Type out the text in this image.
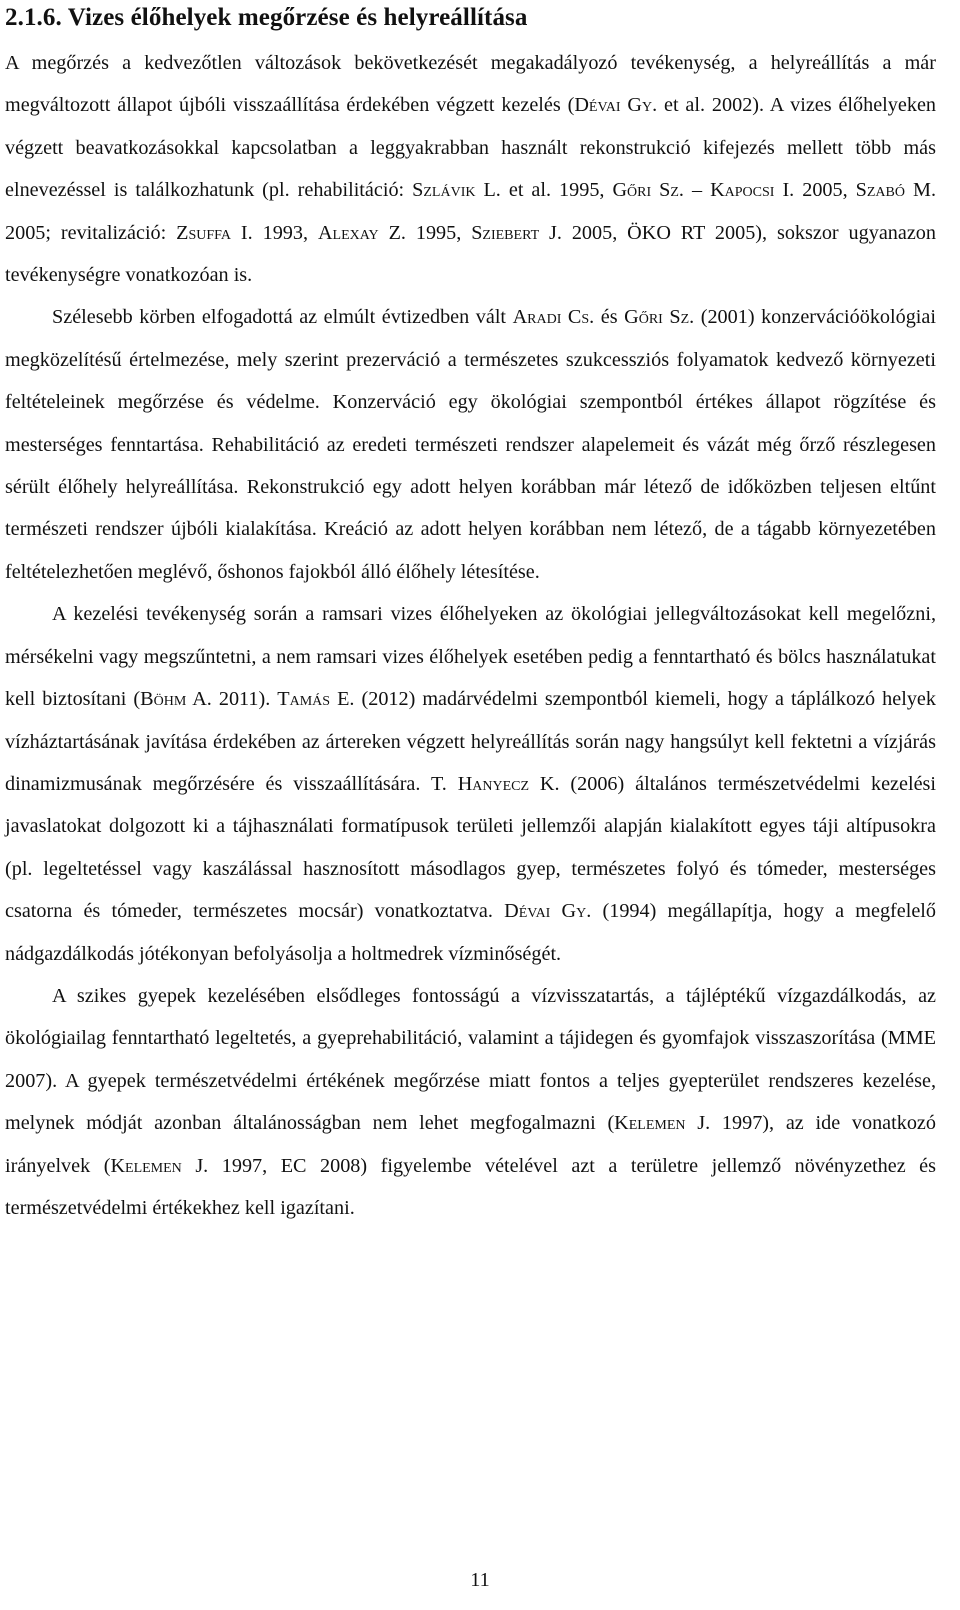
2.1.6. Vizes élőhelyek megőrzése és helyreállítása

A megőrzés a kedvezőtlen változások bekövetkezését megakadályozó tevékenység, a helyreállítás a már megváltozott állapot újbóli visszaállítása érdekében végzett kezelés (Dévai Gy. et al. 2002). A vizes élőhelyeken végzett beavatkozásokkal kapcsolatban a leggyakrabban használt rekonstrukció kifejezés mellett több más elnevezéssel is találkozhatunk (pl. rehabilitáció: Szlávik L. et al. 1995, Gőri Sz. – Kapocsi I. 2005, Szabó M. 2005; revitalizáció: Zsuffa I. 1993, Alexay Z. 1995, Sziebert J. 2005, ÖKO RT 2005), sokszor ugyanazon tevékenységre vonatkozóan is.

Szélesebb körben elfogadottá az elmúlt évtizedben vált Aradi Cs. és Gőri Sz. (2001) konzervációökológiai megközelítésű értelmezése, mely szerint prezerváció a természetes szukcessziós folyamatok kedvező környezeti feltételeinek megőrzése és védelme. Konzerváció egy ökológiai szempontból értékes állapot rögzítése és mesterséges fenntartása. Rehabilitáció az eredeti természeti rendszer alapelemeit és vázát még őrző részlegesen sérült élőhely helyreállítása. Rekonstrukció egy adott helyen korábban már létező de időközben teljesen eltűnt természeti rendszer újbóli kialakítása. Kreáció az adott helyen korábban nem létező, de a tágabb környezetében feltételezhetően meglévő, őshonos fajokból álló élőhely létesítése.

A kezelési tevékenység során a ramsari vizes élőhelyeken az ökológiai jellegváltozásokat kell megelőzni, mérsékelni vagy megszűntetni, a nem ramsari vizes élőhelyek esetében pedig a fenntartható és bölcs használatukat kell biztosítani (Böhm A. 2011). Tamás E. (2012) madárvédelmi szempontból kiemeli, hogy a táplálkozó helyek vízháztartásának javítása érdekében az ártereken végzett helyreállítás során nagy hangsúlyt kell fektetni a vízjárás dinamizmusának megőrzésére és visszaállítására. T. Hanyecz K. (2006) általános természetvédelmi kezelési javaslatokat dolgozott ki a tájhasználati formatípusok területi jellemzői alapján kialakított egyes táji altípusokra (pl. legeltetéssel vagy kaszálással hasznosított másodlagos gyep, természetes folyó és tómeder, mesterséges csatorna és tómeder, természetes mocsár) vonatkoztatva. Dévai Gy. (1994) megállapítja, hogy a megfelelő nádgazdálkodás jótékonyan befolyásolja a holtmedrek vízminőségét.

A szikes gyepek kezelésében elsődleges fontosságú a vízvisszatartás, a tájléptékű vízgazdálkodás, az ökológiailag fenntartható legeltetés, a gyeprehabilitáció, valamint a tájidegen és gyomfajok visszaszorítása (MME 2007). A gyepek természetvédelmi értékének megőrzése miatt fontos a teljes gyepterület rendszeres kezelése, melynek módját azonban általánosságban nem lehet megfogalmazni (Kelemen J. 1997), az ide vonatkozó irányelvek (Kelemen J. 1997, EC 2008) figyelembe vételével azt a területre jellemző növényzethez és természetvédelmi értékekhez kell igazítani.

11
